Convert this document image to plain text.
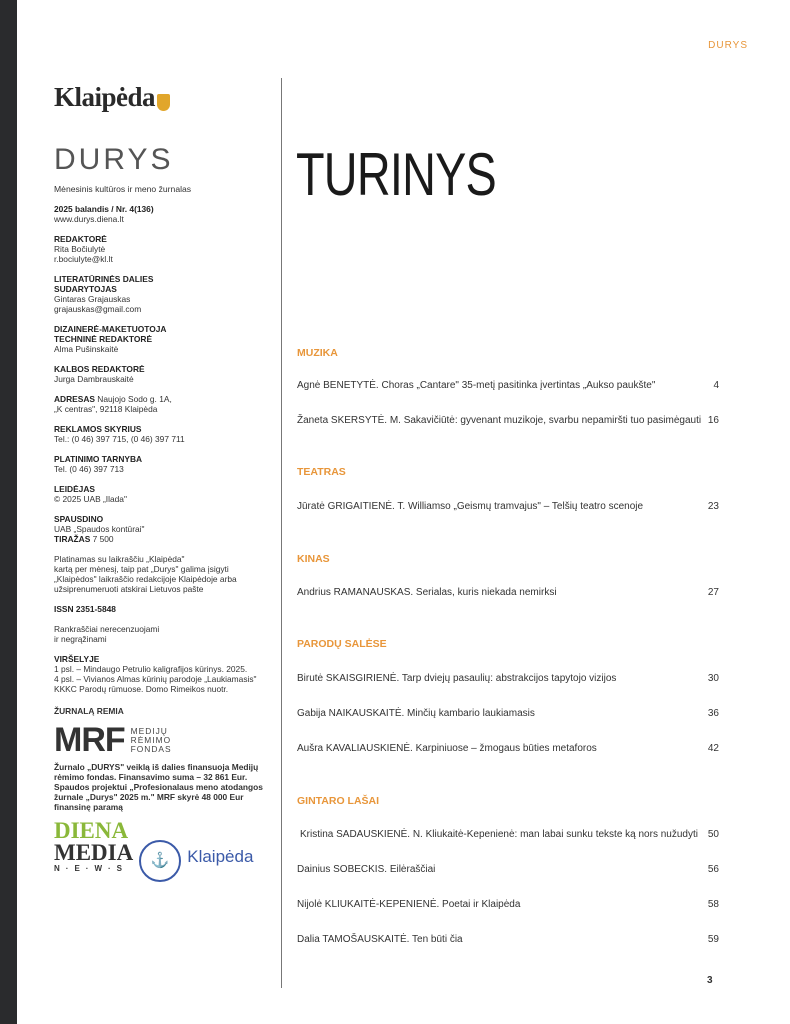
DURYS
Klaipėda
DURYS
Mėnesinis kultūros ir meno žurnalas
2025 balandis / Nr. 4(136)
www.durys.diena.lt
REDAKTORĖ
Rita Bočiulytė
r.bociulyte@kl.lt
LITERATŪRINĖS DALIES
SUDARYTOJAS
Gintaras Grajauskas
grajauskas@gmail.com
DIZAINERĖ-MAKETUOTOJA
TECHNINĖ REDAKTORĖ
Alma Pušinskaitė
KALBOS REDAKTORĖ
Jurga Dambrauskaitė
ADRESAS Naujojo Sodo g. 1A,
„K centras", 92118 Klaipėda
REKLAMOS SKYRIUS
Tel.: (0 46) 397 715, (0 46) 397 711
PLATINIMO TARNYBA
Tel. (0 46) 397 713
LEIDĖJAS
© 2025 UAB „Ilada"
SPAUSDINO
UAB „Spaudos kontūrai"
TIRAŽAS 7 500
Platinamas su laikraščiu „Klaipėda"
kartą per mėnesį, taip pat „Durys" galima įsigyti
„Klaipėdos" laikraščio redakcijoje Klaipėdoje arba
užsiprenumeruoti atskirai Lietuvos pašte
ISSN 2351-5848
Rankraščiai nerecenzuojami
ir negrąžinami
VIRŠELYJE
1 psl. – Mindaugo Petrulio kaligrafijos kūrinys. 2025.
4 psl. – Vivianos Almas kūrinių parodoje „Laukiamasis"
KKKC Parodų rūmuose. Domo Rimeikos nuotr.
ŽURNALĄ REMIA
MRF MEDIJŲ
RĖMIMO
FONDAS
Žurnalo „DURYS" veiklą iš dalies finansuoja Medijų
rėmimo fondas. Finansavimo suma – 32 861 Eur.
Spaudos projektui „Profesionalaus meno atodangos
žurnale „Durys" 2025 m." MRF skyrė 48 000 Eur
finansinę paramą
DIENA
MEDIA
N·E·W·S	⚓	Klaipėda
TURINYS
MUZIKA
Agnė BENETYTĖ. Choras „Cantare" 35-metį pasitinka įvertintas „Aukso paukšte"	4
Žaneta SKERSYTĖ. M. Sakavičiūtė: gyvenant muzikoje, svarbu nepamiršti tuo pasimėgauti 16
TEATRAS
Jūratė GRIGAITIENĖ. T. Williamso „Geismų tramvajus" – Telšių teatro scenoje	23
KINAS
Andrius RAMANAUSKAS. Serialas, kuris niekada nemirksi	27
PARODŲ SALĖSE
Birutė SKAISGIRIENĖ. Tarp dviejų pasaulių: abstrakcijos tapytojo vizijos	30
Gabija NAIKAUSKAITĖ. Minčių kambario laukiamasis	36
Aušra KAVALIAUSKIENĖ. Karpiniuose – žmogaus būties metaforos	42
GINTARO LAŠAI
Kristina SADAUSKIENĖ. N. Kliukaitė-Kepenienė: man labai sunku tekste ką nors nužudyti 50
Dainius SOBECKIS. Eilėraščiai	56
Nijolė KLIUKAITĖ-KEPENIENĖ. Poetai ir Klaipėda	58
Dalia TAMOŠAUSKAITĖ. Ten būti čia	59
3
